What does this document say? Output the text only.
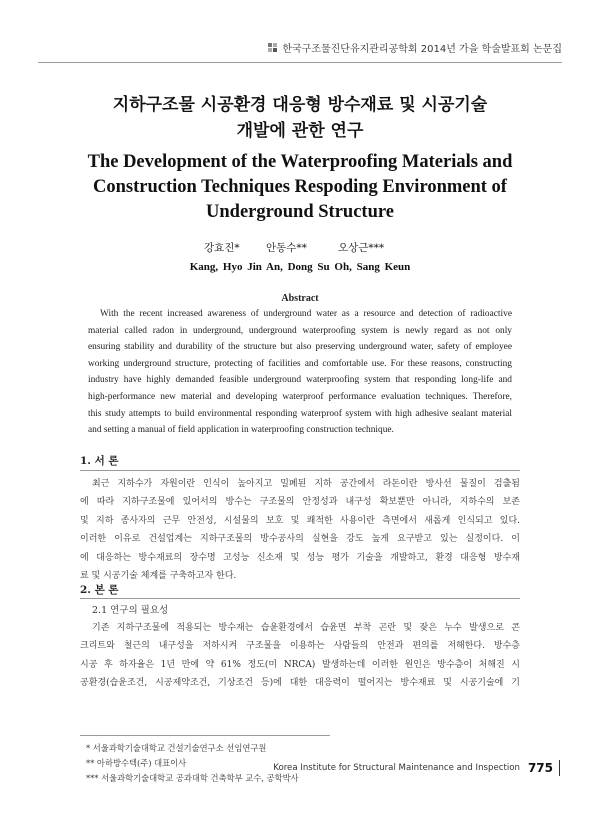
한국구조물진단유지관리공학회 2014년 가을 학술발표회 논문집
지하구조물 시공환경 대응형 방수재료 및 시공기술
개발에 관한 연구
The Development of the Waterproofing Materials and
Construction Techniques Respoding Environment of
Underground Structure
강효진*	안동수**	오상근***
Kang, Hyo Jin An, Dong Su Oh, Sang Keun
Abstract
With the recent increased awareness of underground water as a resource and detection of radioactive
material called radon in underground, underground waterproofing system is newly regard as not only
ensuring stability and durability of the structure but also preserving underground water, safety of employee
working underground structure, protecting of facilities and comfortable use. For these reasons, constructing
industry have highly demanded feasible underground waterproofing system that responding long-life and
high-performance new material and developing waterproof performance evaluation techniques. Therefore,
this study attempts to build environmental responding waterproof system with high adhesive sealant material
and setting a manual of field application in waterproofing construction technique.
1. 서 론
최근 지하수가 자원이란 인식이 높아지고 밀폐된 지하 공간에서 라돈이란 방사선 물질이 검출됨
에 따라 지하구조물에 있어서의 방수는 구조물의 안정성과 내구성 확보뿐만 아니라, 지하수의 보존
및 지하 종사자의 근무 안전성, 시설물의 보호 및 쾌적한 사용이란 측면에서 새롭게 인식되고 있다.
이러한 이유로 건설업계는 지하구조물의 방수공사의 실현을 강도 높게 요구받고 있는 실정이다. 이
에 대응하는 방수재료의 장수명 고성능 신소재 및 성능 평가 기술을 개발하고, 환경 대응형 방수재
료 및 시공기술 체계를 구축하고자 한다.
2. 본 론
2.1 연구의 필요성
기존 지하구조물에 적용되는 방수재는 습윤환경에서 습윤면 부착 곤란 및 잦은 누수 발생으로 콘
크리트와 철근의 내구성을 저하시켜 구조물을 이용하는 사람들의 안전과 편의를 저해한다. 방수층
시공 후 하자율은 1년 만에 약 61% 정도(미 NRCA) 발생하는데 이러한 원인은 방수층이 처해진 시
공환경(습윤조건, 시공제약조건, 기상조건 등)에 대한 대응력이 떨어지는 방수재료 및 시공기술에 기
* 서울과학기술대학교 건설기술연구소 선임연구원
** 아하방수텍(주) 대표이사
*** 서울과학기술대학교 공과대학 건축학부 교수, 공학박사
Korea Institute for Structural Maintenance and Inspection 775
